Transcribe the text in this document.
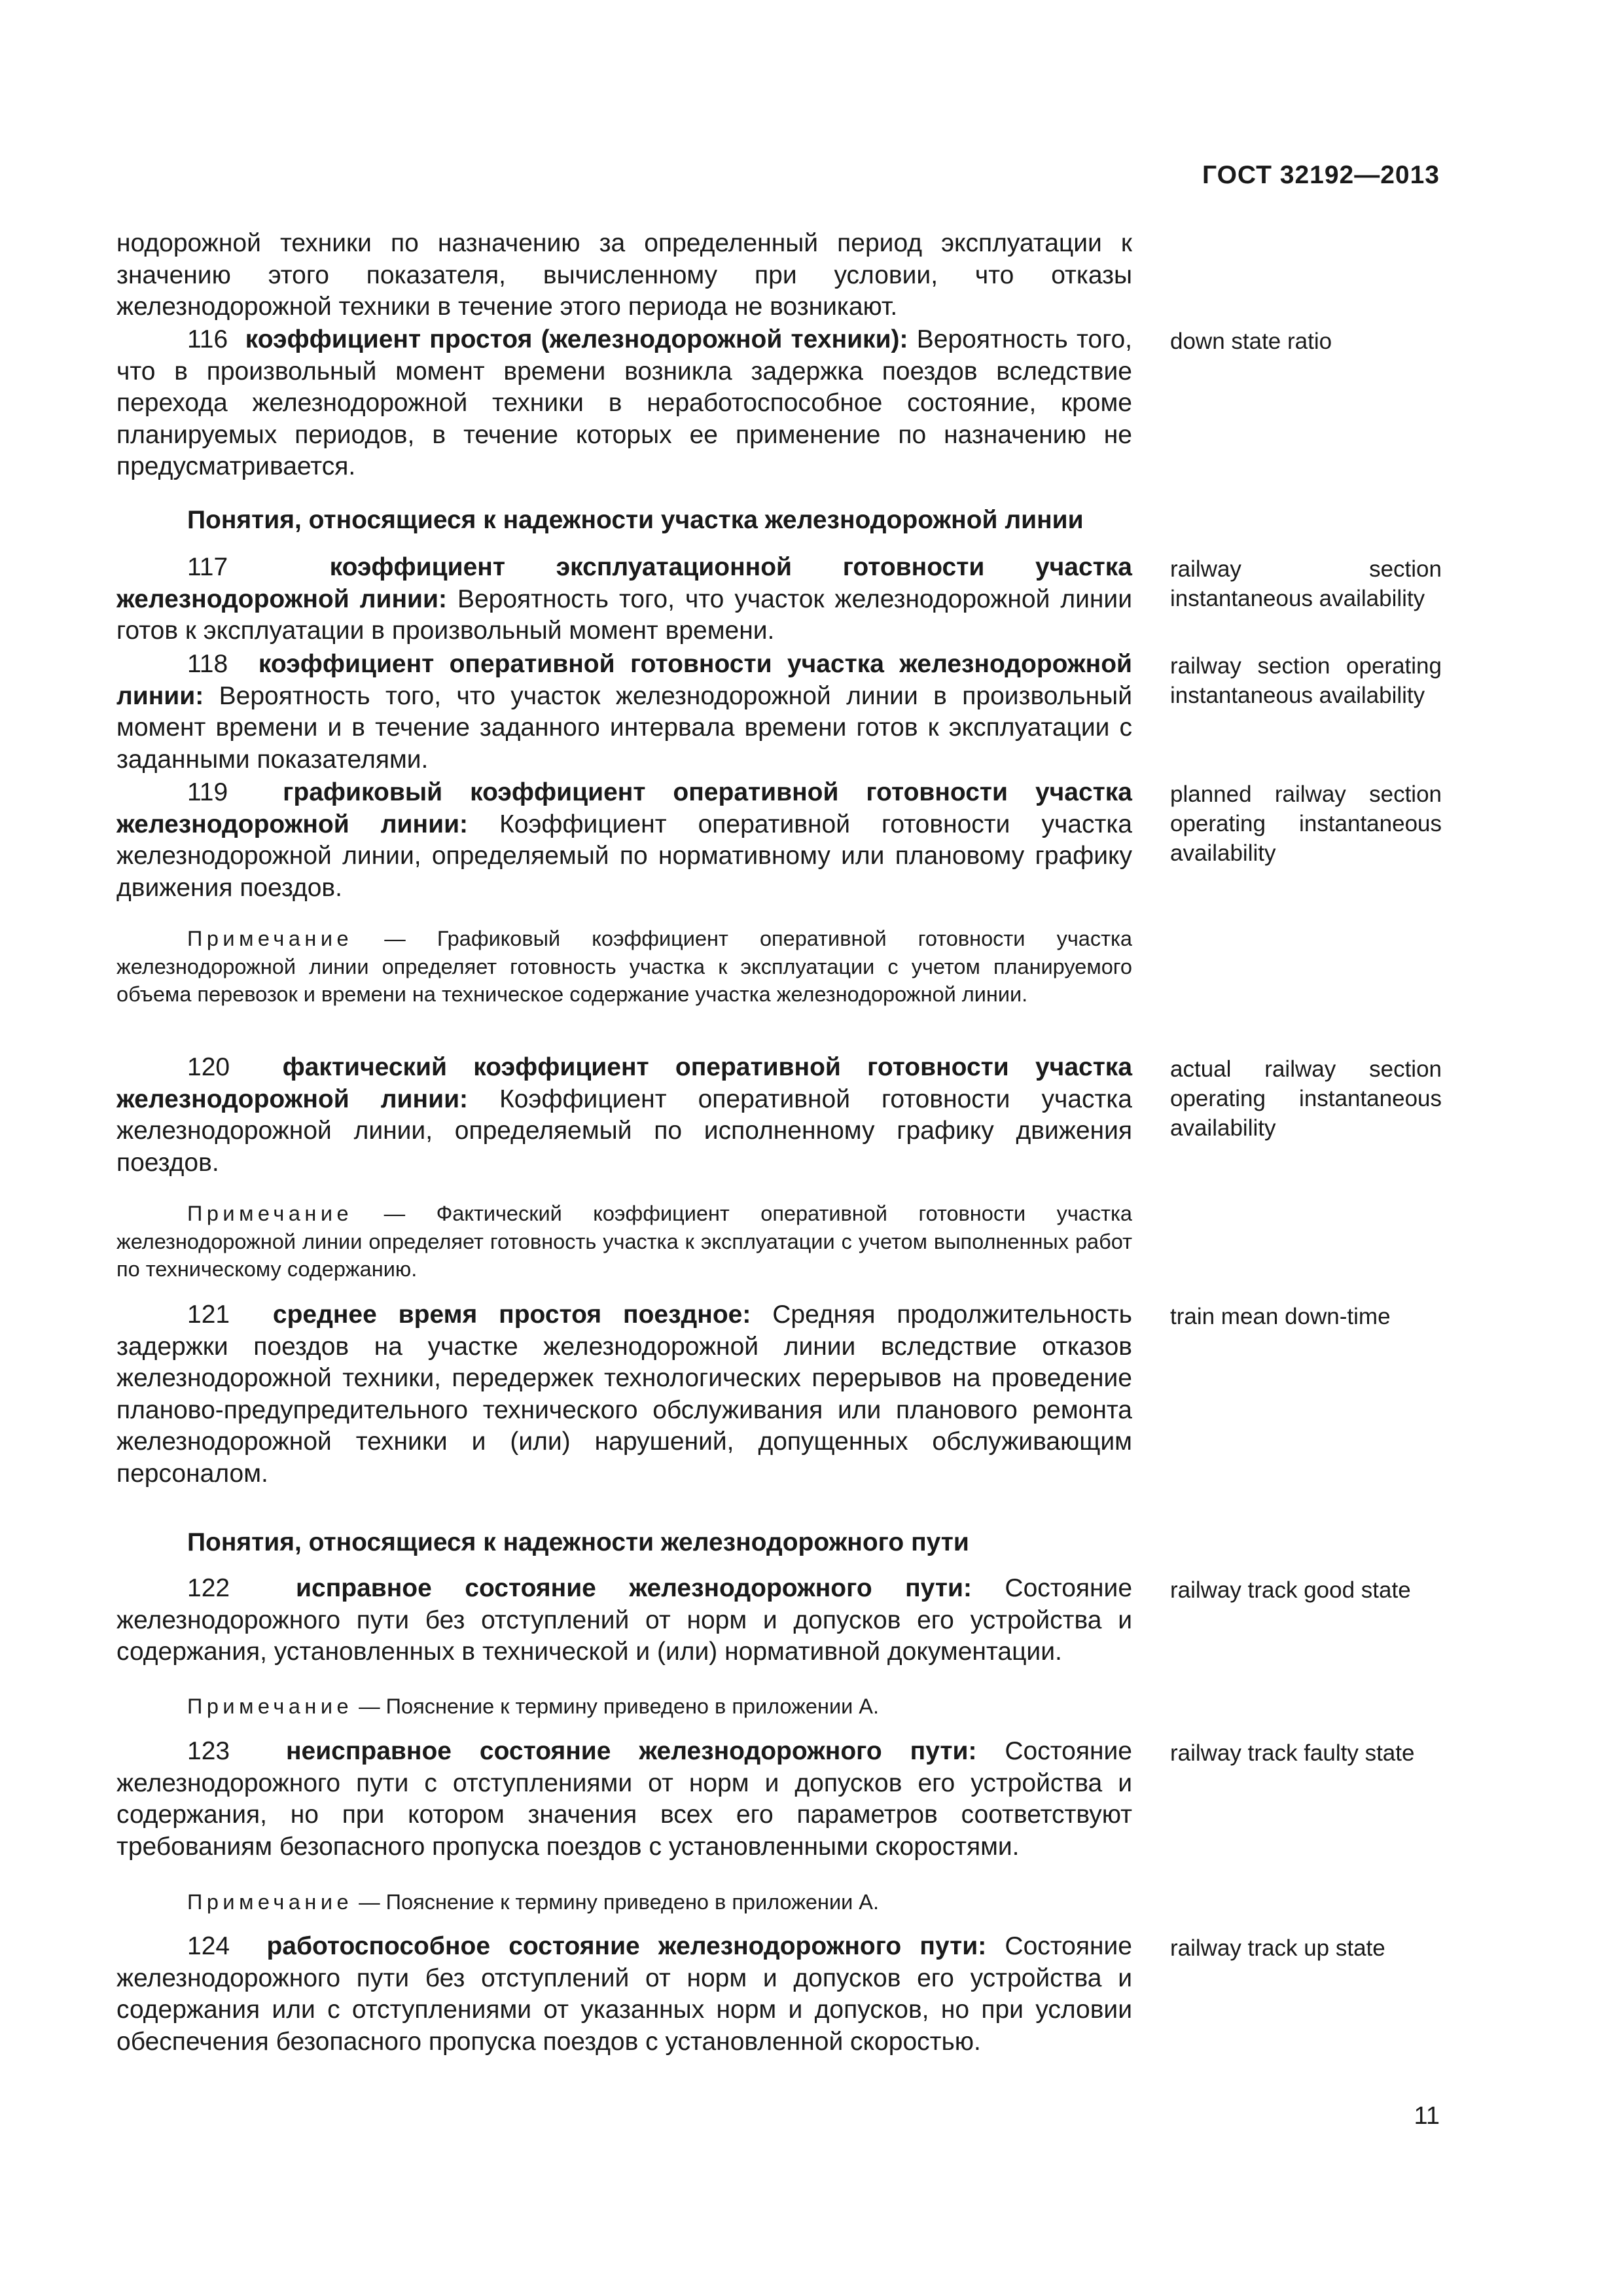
ГОСТ 32192—2013

нодорожной техники по назначению за определенный период эксплуатации к значению этого показателя, вычисленному при условии, что отказы железнодорожной техники в течение этого периода не возникают.

116 коэффициент простоя (железнодорожной техники): Вероятность того, что в произвольный момент времени возникла задержка поездов вследствие перехода железнодорожной техники в неработоспособное состояние, кроме планируемых периодов, в течение которых ее применение по назначению не предусматривается.

down state ratio
Понятия, относящиеся к надежности участка железнодорожной линии

117	коэффициент эксплуатационной готовности участка железнодорожной линии: Вероятность того, что участок железнодорожной линии готов к эксплуатации в произвольный момент времени.

railway section instantaneous availability

118 коэффициент оперативной готовности участка железнодорожной линии: Вероятность того, что участок железнодорожной линии в произвольный момент времени и в течение заданного интервала времени готов к эксплуатации с заданными показателями.

railway section operating instantaneous availability

119 графиковый коэффициент оперативной готовности участка железнодорожной линии: Коэффициент оперативной готовности участка железнодорожной линии, определяемый по нормативному или плановому графику движения поездов.

planned railway section operating instantaneous availability
Примечание — Графиковый коэффициент оперативной готовности участка железнодорожной линии определяет готовность участка к эксплуатации с учетом планируемого объема перевозок и времени на техническое содержание участка железнодорожной линии.

120 фактический коэффициент оперативной готовности участка железнодорожной линии: Коэффициент оперативной готовности участка железнодорожной линии, определяемый по исполненному графику движения поездов.

actual railway section operating instantaneous availability
Примечание — Фактический коэффициент оперативной готовности участка железнодорожной линии определяет готовность участка к эксплуатации с учетом выполненных работ по техническому содержанию.

121 среднее время простоя поездное: Средняя продолжительность задержки поездов на участке железнодорожной линии вследствие отказов железнодорожной техники, передержек технологических перерывов на проведение планово-предупредительного технического обслуживания или планового ремонта железнодорожной техники и (или) нарушений, допущенных обслуживающим персоналом.

train mean down-time
Понятия, относящиеся к надежности железнодорожного пути

122	исправное состояние железнодорожного пути: Состояние железнодорожного пути без отступлений от норм и допусков его устройства и содержания, установленных в технической и (или) нормативной документации.

railway track good state
Примечание — Пояснение к термину приведено в приложении А.

123 неисправное состояние железнодорожного пути: Состояние железнодорожного пути с отступлениями от норм и допусков его устройства и содержания, но при котором значения всех его параметров соответствуют требованиям безопасного пропуска поездов с установленными скоростями.

railway track faulty state
Примечание — Пояснение к термину приведено в приложении А.

124 работоспособное состояние железнодорожного пути: Состояние железнодорожного пути без отступлений от норм и допусков его устройства и содержания или с отступлениями от указанных норм и допусков, но при условии обеспечения безопасного пропуска поездов с установленной скоростью.

railway track up state
11
